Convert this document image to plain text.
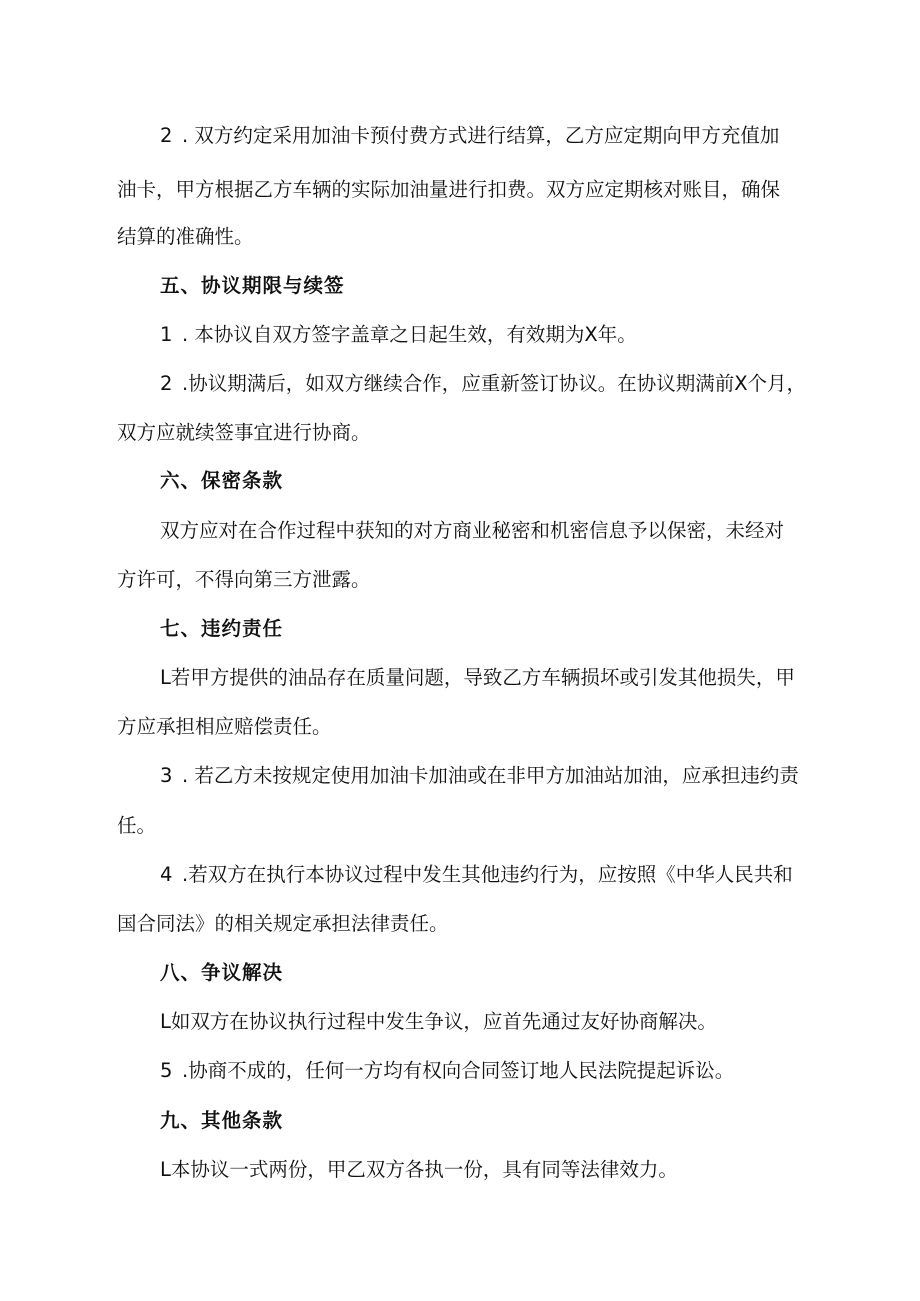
2 . 双方约定采用加油卡预付费方式进行结算，乙方应定期向甲方充值加

油卡，甲方根据乙方车辆的实际加油量进行扣费。双方应定期核对账目，确保

结算的准确性。

五、协议期限与续签

1 . 本协议自双方签字盖章之日起生效，有效期为X年。

2 .协议期满后，如双方继续合作，应重新签订协议。在协议期满前X个月，

双方应就续签事宜进行协商。

六、保密条款

双方应对在合作过程中获知的对方商业秘密和机密信息予以保密，未经对

方许可，不得向第三方泄露。

七、违约责任

L若甲方提供的油品存在质量问题，导致乙方车辆损坏或引发其他损失，甲

方应承担相应赔偿责任。

3 . 若乙方未按规定使用加油卡加油或在非甲方加油站加油，应承担违约责

任。

4 .若双方在执行本协议过程中发生其他违约行为，应按照《中华人民共和

国合同法》的相关规定承担法律责任。

八、争议解决

L如双方在协议执行过程中发生争议，应首先通过友好协商解决。

5 .协商不成的，任何一方均有权向合同签订地人民法院提起诉讼。

九、其他条款

L本协议一式两份，甲乙双方各执一份，具有同等法律效力。
